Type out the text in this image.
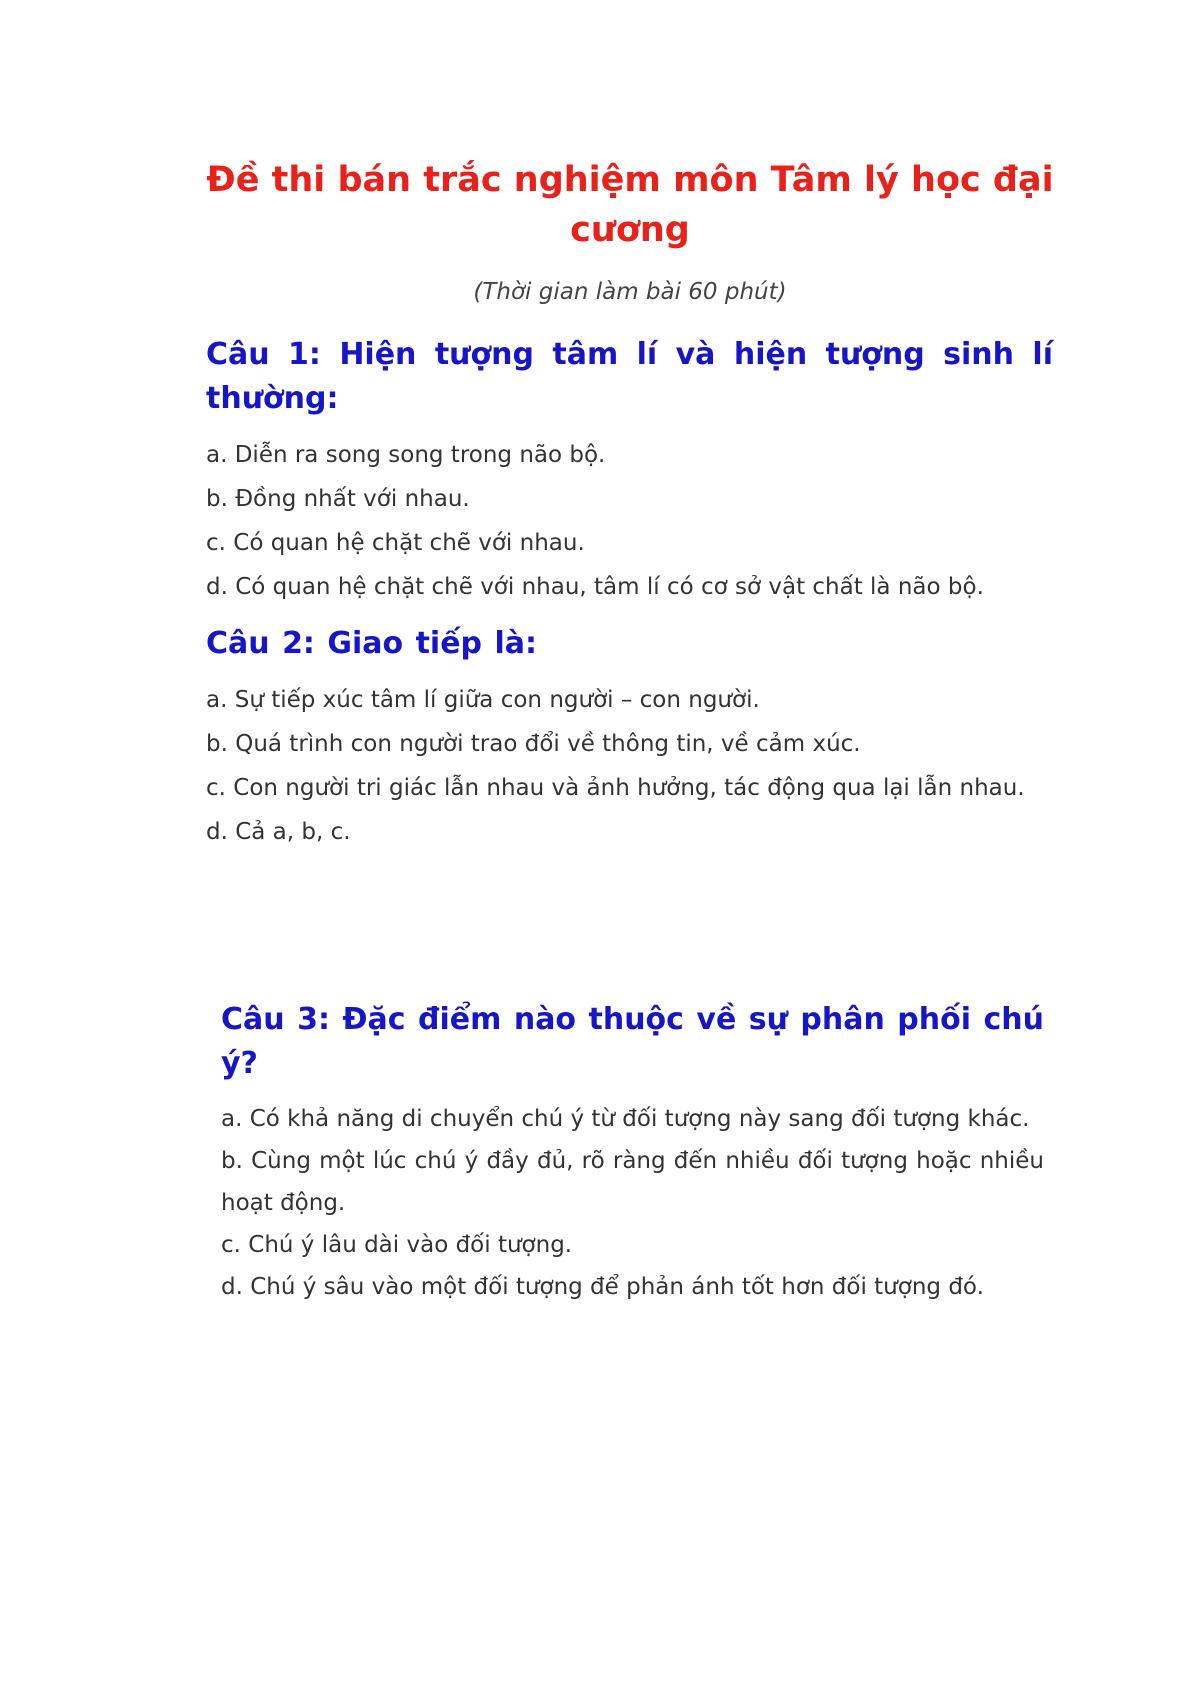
Đề thi bán trắc nghiệm môn Tâm lý học đại cương

(Thời gian làm bài 60 phút)

Câu 1: Hiện tượng tâm lí và hiện tượng sinh lí thường:
a. Diễn ra song song trong não bộ.
b. Đồng nhất với nhau.
c. Có quan hệ chặt chẽ với nhau.
d. Có quan hệ chặt chẽ với nhau, tâm lí có cơ sở vật chất là não bộ.
Câu 2: Giao tiếp là:
a. Sự tiếp xúc tâm lí giữa con người – con người.
b. Quá trình con người trao đổi về thông tin, về cảm xúc.
c. Con người tri giác lẫn nhau và ảnh hưởng, tác động qua lại lẫn nhau.
d. Cả a, b, c.
Câu 3: Đặc điểm nào thuộc về sự phân phối chú ý?
a. Có khả năng di chuyển chú ý từ đối tượng này sang đối tượng khác.
b. Cùng một lúc chú ý đầy đủ, rõ ràng đến nhiều đối tượng hoặc nhiều hoạt động.
c. Chú ý lâu dài vào đối tượng.
d. Chú ý sâu vào một đối tượng để phản ánh tốt hơn đối tượng đó.
